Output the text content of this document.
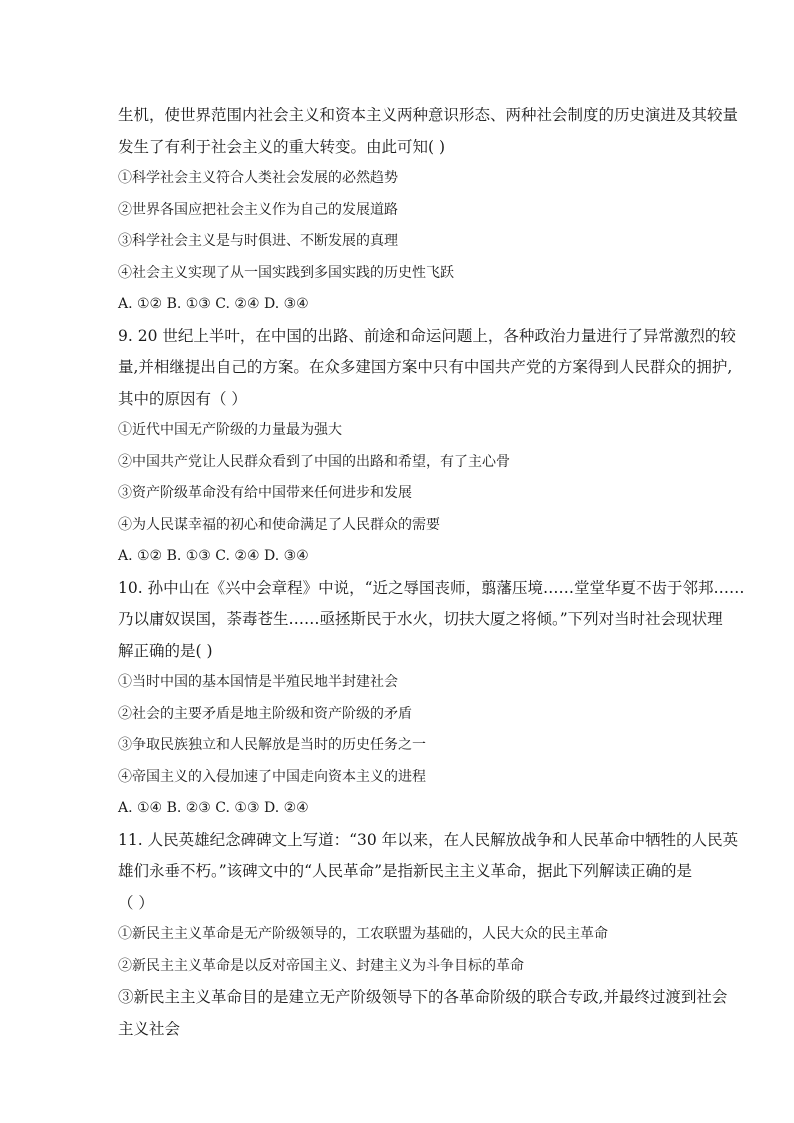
生机，使世界范围内社会主义和资本主义两种意识形态、两种社会制度的历史演进及其较量

发生了有利于社会主义的重大转变。由此可知( )

①科学社会主义符合人类社会发展的必然趋势

②世界各国应把社会主义作为自己的发展道路

③科学社会主义是与时俱进、不断发展的真理

④社会主义实现了从一国实践到多国实践的历史性飞跃

A. ①② B. ①③ C. ②④ D. ③④

9. 20 世纪上半叶，在中国的出路、前途和命运问题上，各种政治力量进行了异常激烈的较

量,并相继提出自己的方案。在众多建国方案中只有中国共产党的方案得到人民群众的拥护,

其中的原因有（ ）

①近代中国无产阶级的力量最为强大

②中国共产党让人民群众看到了中国的出路和希望，有了主心骨

③资产阶级革命没有给中国带来任何进步和发展

④为人民谋幸福的初心和使命满足了人民群众的需要

A. ①② B. ①③ C. ②④ D. ③④

10. 孙中山在《兴中会章程》中说，“近之辱国丧师，翦藩压境……堂堂华夏不齿于邻邦……

乃以庸奴误国，荼毒苍生……亟拯斯民于水火，切扶大厦之将倾。”下列对当时社会现状理

解正确的是( )

①当时中国的基本国情是半殖民地半封建社会

②社会的主要矛盾是地主阶级和资产阶级的矛盾

③争取民族独立和人民解放是当时的历史任务之一

④帝国主义的入侵加速了中国走向资本主义的进程

A. ①④ B. ②③ C. ①③ D. ②④

11. 人民英雄纪念碑碑文上写道：“30 年以来，在人民解放战争和人民革命中牺牲的人民英

雄们永垂不朽。”该碑文中的“人民革命”是指新民主主义革命，据此下列解读正确的是

（ ）

①新民主主义革命是无产阶级领导的，工农联盟为基础的，人民大众的民主革命

②新民主主义革命是以反对帝国主义、封建主义为斗争目标的革命

③新民主主义革命目的是建立无产阶级领导下的各革命阶级的联合专政,并最终过渡到社会

主义社会
